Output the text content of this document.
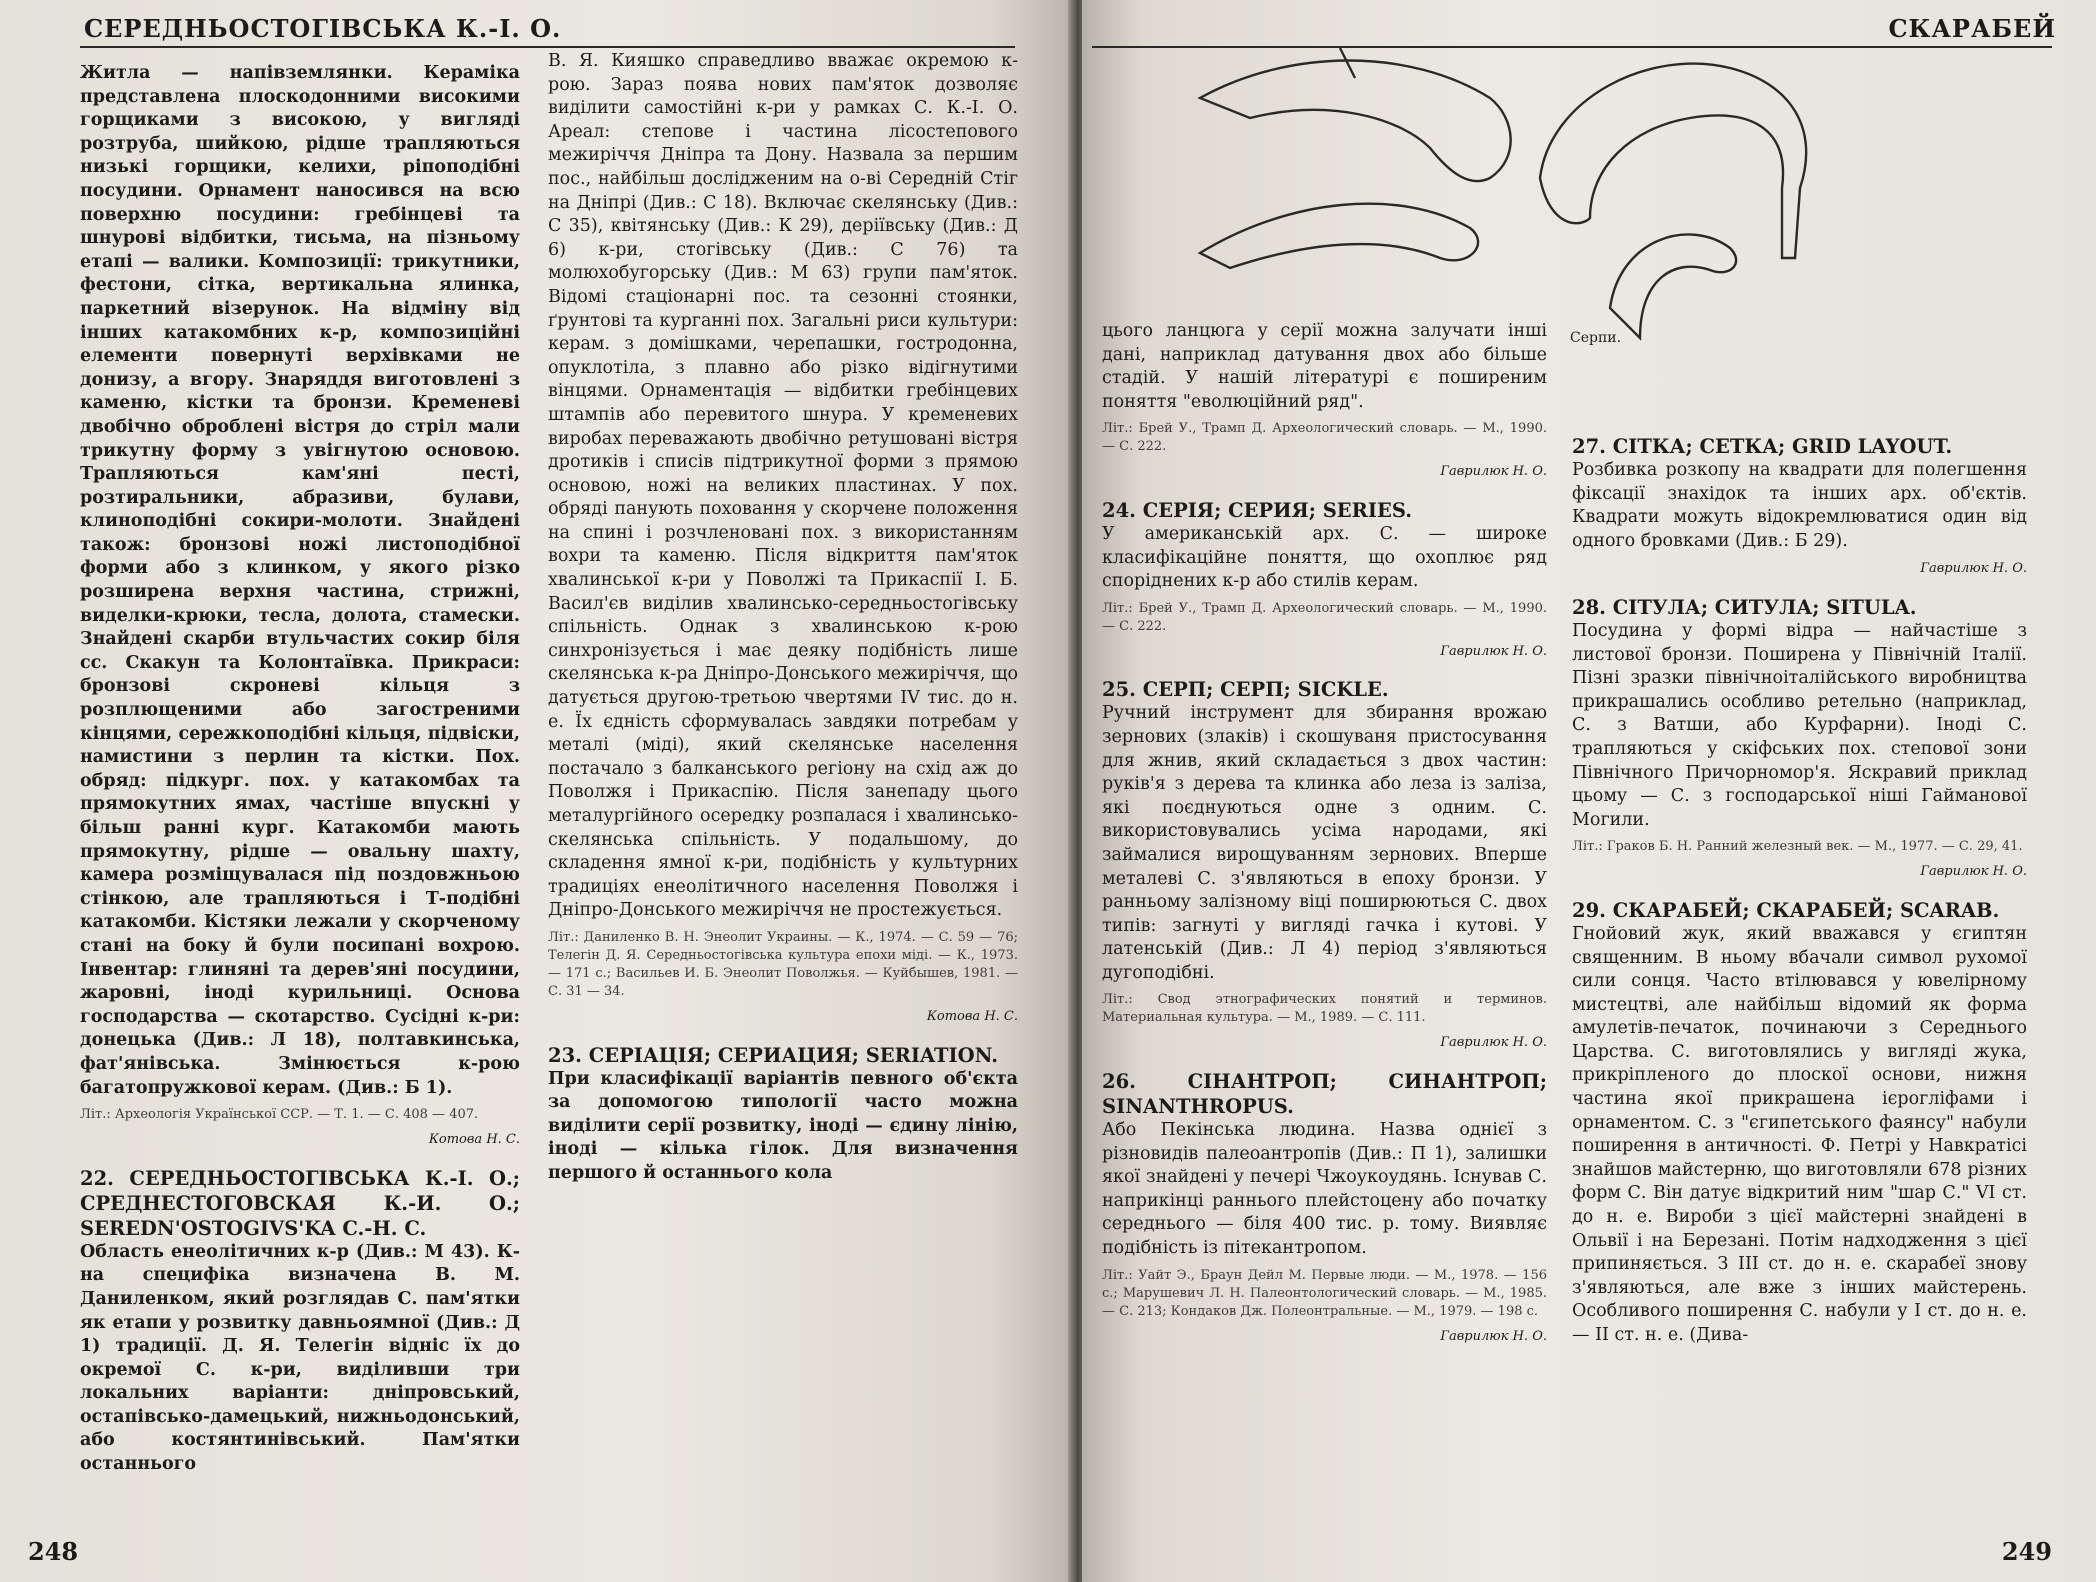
СЕРЕДНЬОСТОГІВСЬКА К.-І. О.

Житла — напівземлянки. Кераміка представлена плоскодонними високими горщиками з високою, у вигляді розтруба, шийкою, рідше трапляються низькі горщики, келихи, ріпоподібні посудини. Орнамент наносився на всю поверхню посудини: гребінцеві та шнурові відбитки, тисьма, на пізньому етапі — валики. Композиції: трикутники, фестони, сітка, вертикальна ялинка, паркетний візерунок. На відміну від інших катакомбних к-р, композиційні елементи повернуті верхівками не донизу, а вгору. Знаряддя виготовлені з каменю, кістки та бронзи. Кременеві двобічно оброблені вістря до стріл мали трикутну форму з увігнутою основою. Трапляються кам'яні песті, розтиральники, абразиви, булави, клиноподібні сокири-молоти. Знайдені також: бронзові ножі листоподібної форми або з клинком, у якого різко розширена верхня частина, стрижні, виделки-крюки, тесла, долота, стамески. Знайдені скарби втульчастих сокир біля сс. Скакун та Колонтаївка. Прикраси: бронзові скроневі кільця з розплющеними або загостреними кінцями, сережкоподібні кільця, підвіски, намистини з перлин та кістки. Пох. обряд: підкург. пох. у катакомбах та прямокутних ямах, частіше впускні у більш ранні кург. Катакомби мають прямокутну, рідше — овальну шахту, камера розміщувалася під поздовжньою стінкою, але трапляються і Т-подібні катакомби. Кістяки лежали у скорченому стані на боку й були посипані вохрою. Інвентар: глиняні та дерев'яні посудини, жаровні, іноді курильниці. Основа господарства — скотарство. Сусідні к-ри: донецька (Див.: Л 18), полтавкинська, фат'янівська. Змінюється к-рою багатопружкової керам. (Див.: Б 1).

Літ.: Археологія Української ССР. — Т. 1. — С. 408 — 407.
Котова Н. С.
22. СЕРЕДНЬОСТОГІВСЬКА К.-І. О.; СРЕДНЕСТОГОВСКАЯ К.-И. О.; SEREDN'OSTOGIVS'KA C.-H. C.

Область енеолітичних к-р (Див.: М 43). К-на специфіка визначена В. М. Даниленком, який розглядав С. пам'ятки як етапи у розвитку давньоямної (Див.: Д 1) традиції. Д. Я. Телегін відніс їх до окремої С. к-ри, виділивши три локальних варіанти: дніпровський, остапівсько-дамецький, нижньодонський, або костянтинівський. Пам'ятки останнього

В. Я. Кияшко справедливо вважає окремою к-рою. Зараз поява нових пам'яток дозволяє виділити самостійні к-ри у рамках С. К.-І. О. Ареал: степове і частина лісостепового межиріччя Дніпра та Дону. Назвала за першим пос., найбільш дослідженим на о-ві Середній Стіг на Дніпрі (Див.: С 18). Включає скелянську (Див.: С 35), квітянську (Див.: К 29), деріївську (Див.: Д 6) к-ри, стогівську (Див.: С 76) та молюхобугорську (Див.: М 63) групи пам'яток. Відомі стаціонарні пос. та сезонні стоянки, ґрунтові та курганні пох. Загальні риси культури: керам. з домішками, черепашки, гостродонна, опуклотіла, з плавно або різко відігнутими вінцями. Орнаментація — відбитки гребінцевих штампів або перевитого шнура. У кременевих виробах переважають двобічно ретушовані вістря дротиків і списів підтрикутної форми з прямою основою, ножі на великих пластинах. У пох. обряді панують поховання у скорчене положення на спині і розчленовані пох. з використанням вохри та каменю. Після відкриття пам'яток хвалинської к-ри у Поволжі та Прикаспії І. Б. Васил'єв виділив хвалинсько-середньостогівську спільність. Однак з хвалинською к-рою синхронізується і має деяку подібність лише скелянська к-ра Дніпро-Донського межиріччя, що датується другою-третьою чвертями IV тис. до н. е. Їх єдність сформувалась завдяки потребам у металі (міді), який скелянське населення постачало з балканського регіону на схід аж до Поволжя і Прикаспію. Після занепаду цього металургійного осередку розпалася і хвалинсько-скелянська спільність. У подальшому, до складення ямної к-ри, подібність у культурних традиціях енеолітичного населення Поволжя і Дніпро-Донського межиріччя не простежується.

Літ.: Даниленко В. Н. Энеолит Украины. — К., 1974. — С. 59 — 76; Телегін Д. Я. Середньостогівська культура епохи міді. — К., 1973. — 171 с.; Васильев И. Б. Энеолит Поволжья. — Куйбышев, 1981. — С. 31 — 34.
Котова Н. С.
23. СЕРІАЦІЯ; СЕРИАЦИЯ; SERIATION.

При класифікації варіантів певного об'єкта за допомогою типології часто можна виділити серії розвитку, іноді — єдину лінію, іноді — кілька гілок. Для визначення першого й останнього кола

248
СКАРАБЕЙ
249
Серпи.

цього ланцюга у серії можна залучати інші дані, наприклад датування двох або більше стадій. У нашій літературі є поширеним поняття "еволюційний ряд".

Літ.: Брей У., Трамп Д. Археологический словарь. — М., 1990. — С. 222.
Гаврилюк Н. О.
24. СЕРІЯ; СЕРИЯ; SERIES.

У американській арх. С. — широке класифікаційне поняття, що охоплює ряд споріднених к-р або стилів керам.

Літ.: Брей У., Трамп Д. Археологический словарь. — М., 1990. — С. 222.
Гаврилюк Н. О.
25. СЕРП; СЕРП; SICKLE.

Ручний інструмент для збирання врожаю зернових (злаків) і скошуваня пристосування для жнив, який складається з двох частин: руків'я з дерева та клинка або леза із заліза, які поєднуються одне з одним. С. використовувались усіма народами, які займалися вирощуванням зернових. Вперше металеві С. з'являються в епоху бронзи. У ранньому залізному віці поширюються С. двох типів: загнуті у вигляді гачка і кутові. У латенській (Див.: Л 4) період з'являються дугоподібні.

Літ.: Свод этнографических понятий и терминов. Материальная культура. — М., 1989. — С. 111.
Гаврилюк Н. О.
26. СІНАНТРОП; СИНАНТРОП; SINANTHROPUS.

Або Пекінська людина. Назва однієї з різновидів палеоантропів (Див.: П 1), залишки якої знайдені у печері Чжоукоудянь. Існував С. наприкінці раннього плейстоцену або початку середнього — біля 400 тис. р. тому. Виявляє подібність із пітекантропом.

Літ.: Уайт Э., Браун Дейл М. Первые люди. — М., 1978. — 156 с.; Марушевич Л. Н. Палеонтологический словарь. — М., 1985. — С. 213; Кондаков Дж. Полеонтральные. — М., 1979. — 198 с.
Гаврилюк Н. О.
27. СІТКА; СЕТКА; GRID LAYOUT.

Розбивка розкопу на квадрати для полегшення фіксації знахідок та інших арх. об'єктів. Квадрати можуть відокремлюватися один від одного бровками (Див.: Б 29).

Гаврилюк Н. О.
28. СІТУЛА; СИТУЛА; SITULA.

Посудина у формі відра — найчастіше з листової бронзи. Поширена у Північній Італії. Пізні зразки північноіталійського виробництва прикрашались особливо ретельно (наприклад, С. з Ватши, або Курфарни). Іноді С. трапляються у скіфських пох. степової зони Північного Причорномор'я. Яскравий приклад цьому — С. з господарської ніші Гайманової Могили.

Літ.: Граков Б. Н. Ранний железный век. — М., 1977. — С. 29, 41.
Гаврилюк Н. О.
29. СКАРАБЕЙ; СКАРАБЕЙ; SCARAB.

Гнойовий жук, який вважався у єгиптян священним. В ньому вбачали символ рухомої сили сонця. Часто втілювався у ювелірному мистецтві, але найбільш відомий як форма амулетів-печаток, починаючи з Середнього Царства. С. виготовлялись у вигляді жука, прикріпленого до плоскої основи, нижня частина якої прикрашена ієрогліфами і орнаментом. С. з "єгипетського фаянсу" набули поширення в античності. Ф. Петрі у Навкратісі знайшов майстерню, що виготовляли 678 різних форм С. Він датує відкритий ним "шар С." VI ст. до н. е. Вироби з цієї майстерні знайдені в Ольвії і на Березані. Потім надходження з цієї припиняється. З III ст. до н. е. скарабеї знову з'являються, але вже з інших майстерень. Особливого поширення С. набули у I ст. до н. е. — II ст. н. е. (Дива-
